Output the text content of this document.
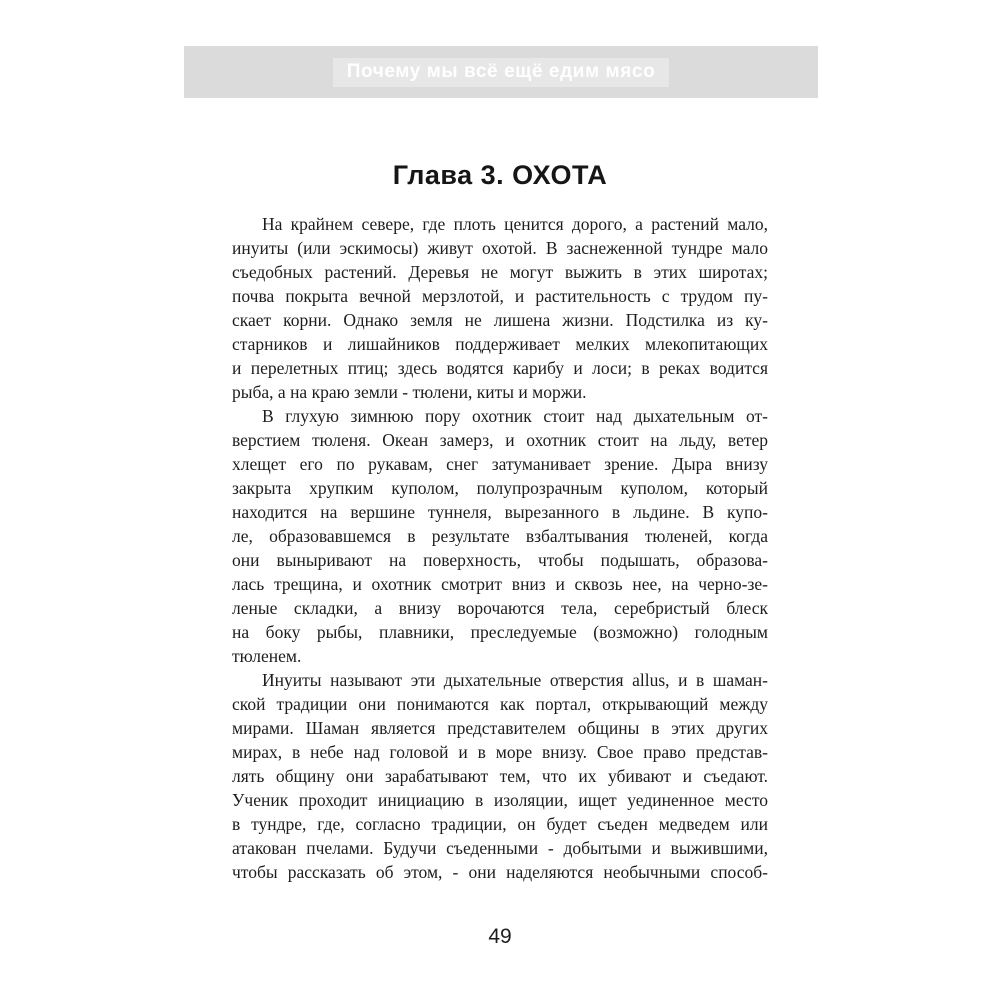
Почему мы всё ещё едим мясо
Глава 3. ОХОТА
На крайнем севере, где плоть ценится дорого, а растений мало,
инуиты (или эскимосы) живут охотой. В заснеженной тундре мало
съедобных растений. Деревья не могут выжить в этих широтах;
почва покрыта вечной мерзлотой, и растительность с трудом пу-
скает корни. Однако земля не лишена жизни. Подстилка из ку-
старников и лишайников поддерживает мелких млекопитающих
и перелетных птиц; здесь водятся карибу и лоси; в реках водится
рыба, а на краю земли - тюлени, киты и моржи.
В глухую зимнюю пору охотник стоит над дыхательным от-
верстием тюленя. Океан замерз, и охотник стоит на льду, ветер
хлещет его по рукавам, снег затуманивает зрение. Дыра внизу
закрыта хрупким куполом, полупрозрачным куполом, который
находится на вершине туннеля, вырезанного в льдине. В купо-
ле, образовавшемся в результате взбалтывания тюленей, когда
они выныривают на поверхность, чтобы подышать, образова-
лась трещина, и охотник смотрит вниз и сквозь нее, на черно-зе-
леные складки, а внизу ворочаются тела, серебристый блеск
на боку рыбы, плавники, преследуемые (возможно) голодным
тюленем.
Инуиты называют эти дыхательные отверстия allus, и в шаман-
ской традиции они понимаются как портал, открывающий между
мирами. Шаман является представителем общины в этих других
мирах, в небе над головой и в море внизу. Свое право представ-
лять общину они зарабатывают тем, что их убивают и съедают.
Ученик проходит инициацию в изоляции, ищет уединенное место
в тундре, где, согласно традиции, он будет съеден медведем или
атакован пчелами. Будучи съеденными - добытыми и выжившими,
чтобы рассказать об этом, - они наделяются необычными способ-
49
